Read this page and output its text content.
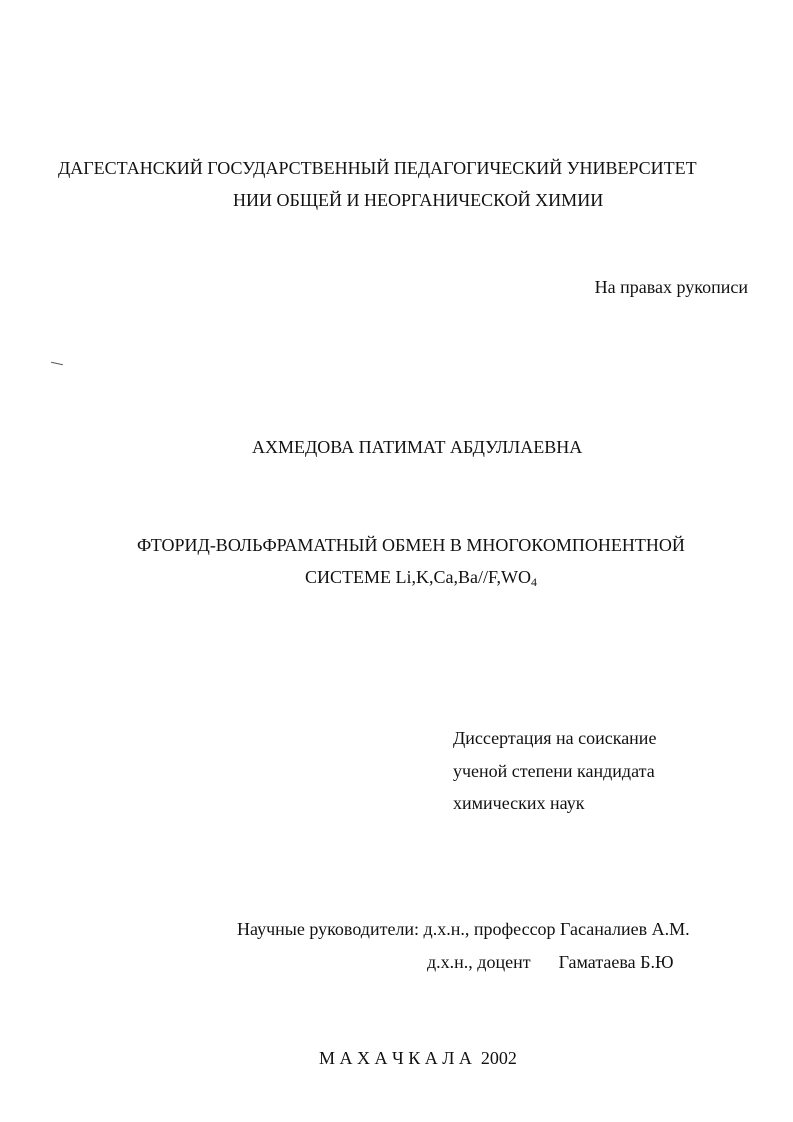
ДАГЕСТАНСКИЙ ГОСУДАРСТВЕННЫЙ ПЕДАГОГИЧЕСКИЙ УНИВЕРСИТЕТ
НИИ ОБЩЕЙ И НЕОРГАНИЧЕСКОЙ ХИМИИ
На правах рукописи
АХМЕДОВА ПАТИМАТ АБДУЛЛАЕВНА
ФТОРИД-ВОЛЬФРАМАТНЫЙ ОБМЕН В МНОГОКОМПОНЕНТНОЙ
СИСТЕМЕ $Li,K,Ca,Ba//F,WO_4$
Диссертация на соискание
ученой степени кандидата
химических наук
Научные руководители: д.х.н., профессор Гасаналиев А.М.
д.х.н., доцент Гаматаева Б.Ю
М А Х А Ч К А Л А 2002
